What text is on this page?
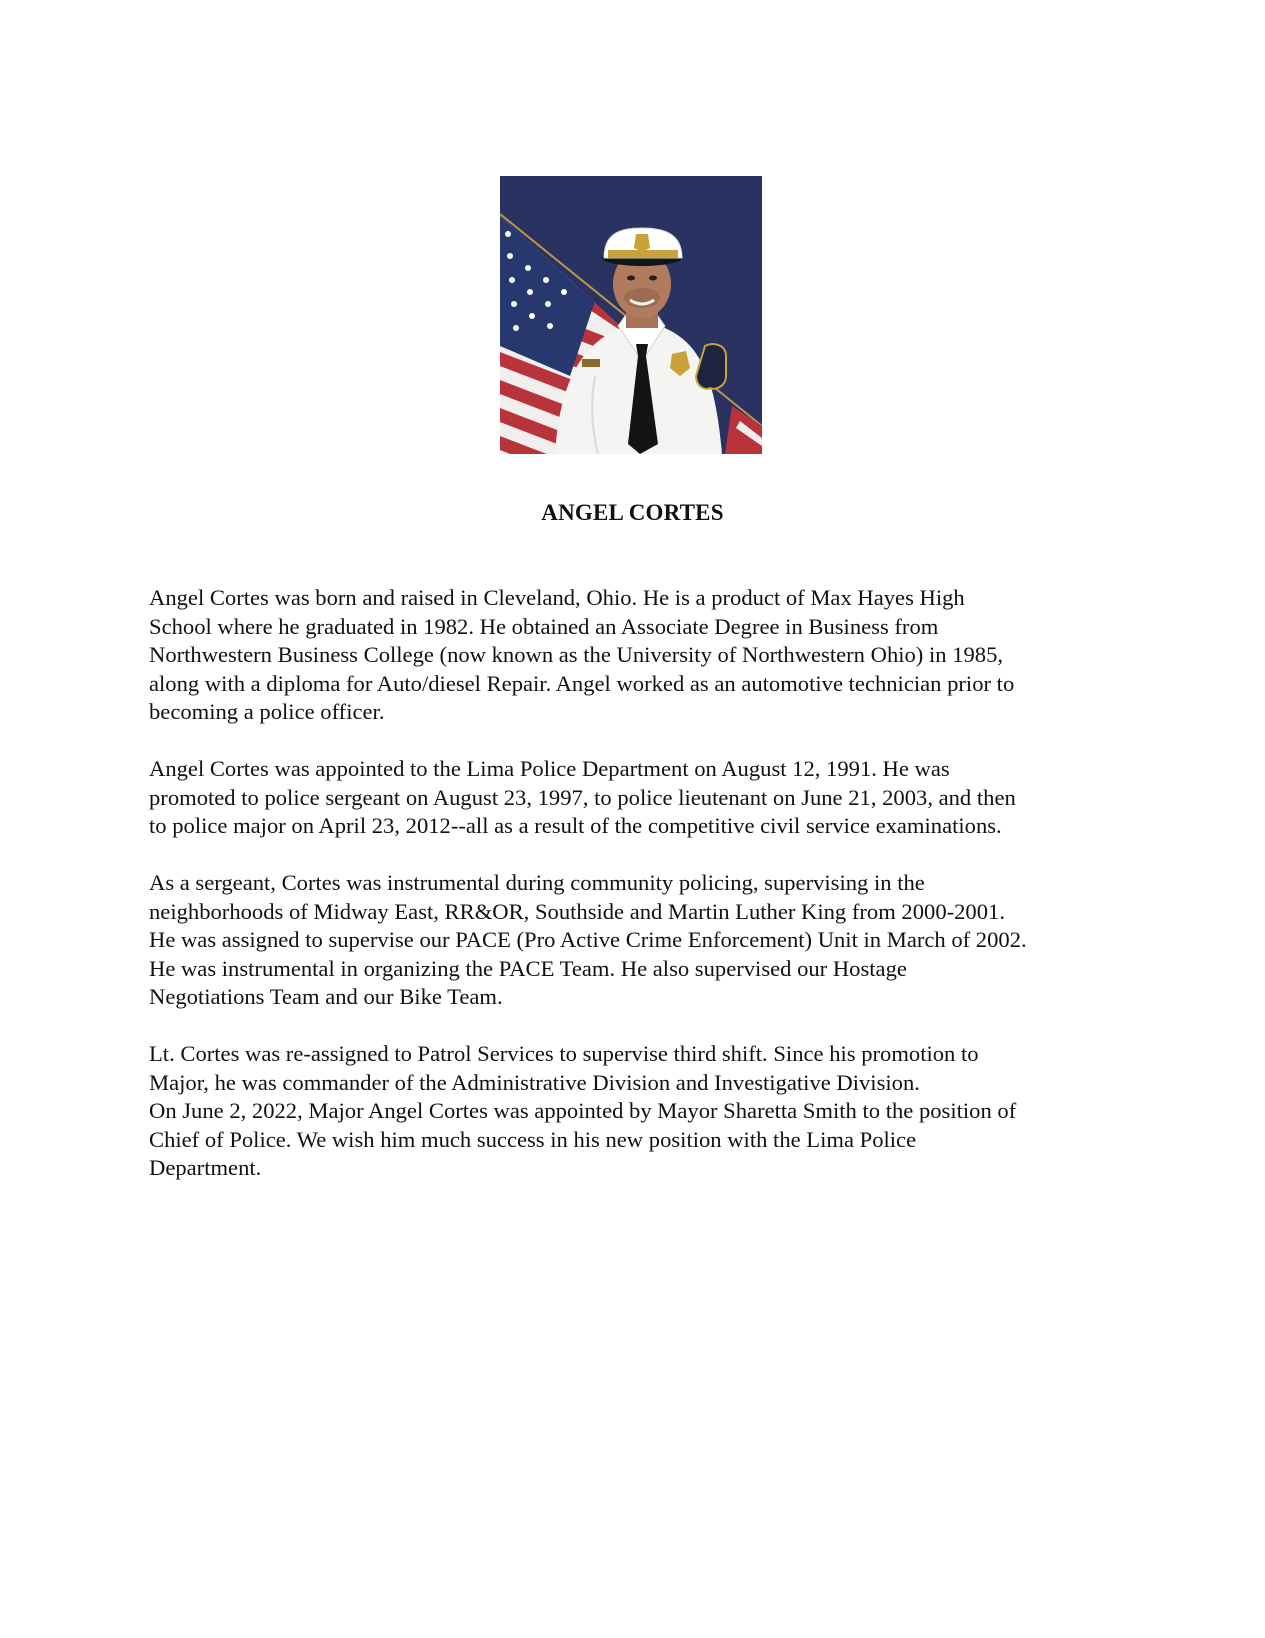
ANGEL CORTES

Angel Cortes was born and raised in Cleveland, Ohio. He is a product of Max Hayes High
School where he graduated in 1982. He obtained an Associate Degree in Business from
Northwestern Business College (now known as the University of Northwestern Ohio) in 1985,
along with a diploma for Auto/diesel Repair. Angel worked as an automotive technician prior to
becoming a police officer.

Angel Cortes was appointed to the Lima Police Department on August 12, 1991. He was
promoted to police sergeant on August 23, 1997, to police lieutenant on June 21, 2003, and then
to police major on April 23, 2012--all as a result of the competitive civil service examinations.

As a sergeant, Cortes was instrumental during community policing, supervising in the
neighborhoods of Midway East, RR&OR, Southside and Martin Luther King from 2000-2001.
He was assigned to supervise our PACE (Pro Active Crime Enforcement) Unit in March of 2002.
He was instrumental in organizing the PACE Team. He also supervised our Hostage
Negotiations Team and our Bike Team.

Lt. Cortes was re-assigned to Patrol Services to supervise third shift. Since his promotion to
Major, he was commander of the Administrative Division and Investigative Division.
On June 2, 2022, Major Angel Cortes was appointed by Mayor Sharetta Smith to the position of
Chief of Police. We wish him much success in his new position with the Lima Police
Department.
